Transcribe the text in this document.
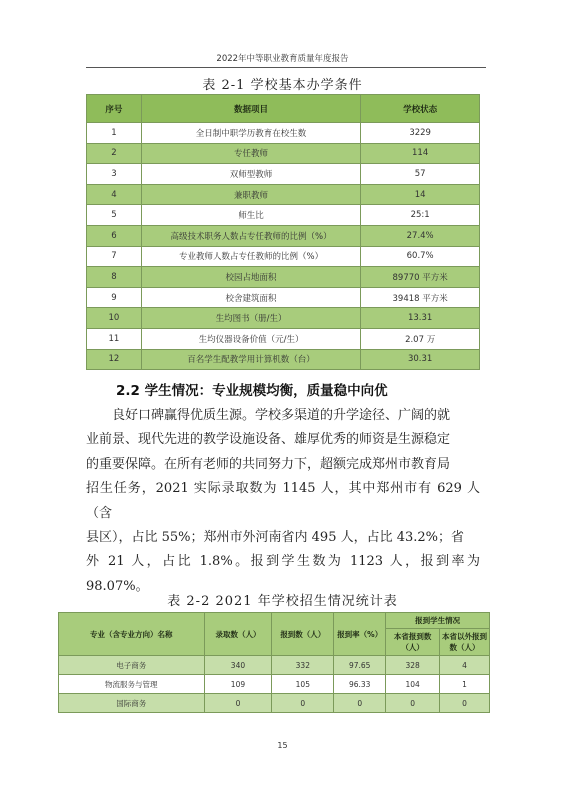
2022年中等职业教育质量年度报告
表 2-1 学校基本办学条件
序号	数据项目	学校状态
1	全日制中职学历教育在校生数	3229
2	专任教师	114
3	双师型教师	57
4	兼职教师	14
5	师生比	25:1
6	高级技术职务人数占专任教师的比例（%）	27.4%
7	专业教师人数占专任教师的比例（%）	60.7%
8	校园占地面积	89770 平方米
9	校舍建筑面积	39418 平方米
10	生均图书（册/生）	13.31
11	生均仪器设备价值（元/生）	2.07 万
12	百名学生配教学用计算机数（台）	30.31
2.2 学生情况：专业规模均衡，质量稳中向优
良好口碑赢得优质生源。学校多渠道的升学途径、广阔的就
业前景、现代先进的教学设施设备、雄厚优秀的师资是生源稳定
的重要保障。在所有老师的共同努力下，超额完成郑州市教育局
招生任务，2021 实际录取数为 1145 人，其中郑州市有 629 人（含
县区），占比 55%；郑州市外河南省内 495 人，占比 43.2%；省
外 21 人，占比 1.8%。报到学生数为 1123 人，报到率为 98.07%。
表 2-2 2021 年学校招生情况统计表
专业（含专业方向）名称	录取数（人）	报到数（人）	报到率（%）	报到学生情况	
				本省报到数（人）	本省以外报到数（人）
电子商务	340	332	97.65	328	4
物流服务与管理	109	105	96.33	104	1
国际商务	0	0	0	0	0
15
